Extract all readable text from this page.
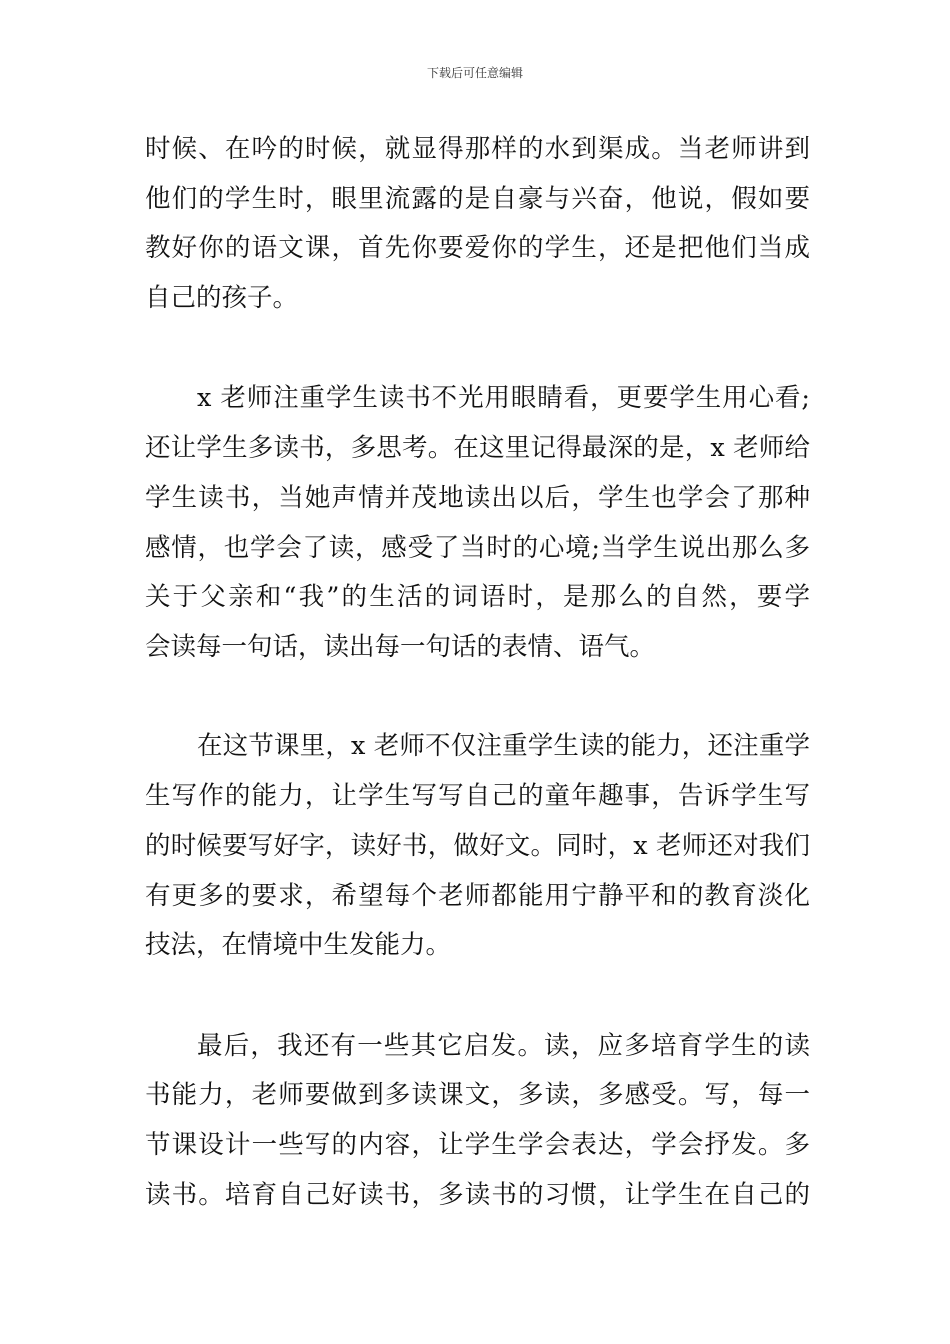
下载后可任意编辑
时候、在吟的时候，就显得那样的水到渠成。当老师讲到
他们的学生时，眼里流露的是自豪与兴奋，他说，假如要
教好你的语文课，首先你要爱你的学生，还是把他们当成
自己的孩子。
x 老师注重学生读书不光用眼睛看，更要学生用心看;
还让学生多读书，多思考。在这里记得最深的是，x 老师给
学生读书，当她声情并茂地读出以后，学生也学会了那种
感情，也学会了读，感受了当时的心境;当学生说出那么多
关于父亲和“我”的生活的词语时，是那么的自然，要学
会读每一句话，读出每一句话的表情、语气。
在这节课里，x 老师不仅注重学生读的能力，还注重学
生写作的能力，让学生写写自己的童年趣事，告诉学生写
的时候要写好字，读好书，做好文。同时，x 老师还对我们
有更多的要求，希望每个老师都能用宁静平和的教育淡化
技法，在情境中生发能力。
最后，我还有一些其它启发。读，应多培育学生的读
书能力，老师要做到多读课文，多读，多感受。写，每一
节课设计一些写的内容，让学生学会表达，学会抒发。多
读书。培育自己好读书，多读书的习惯，让学生在自己的
